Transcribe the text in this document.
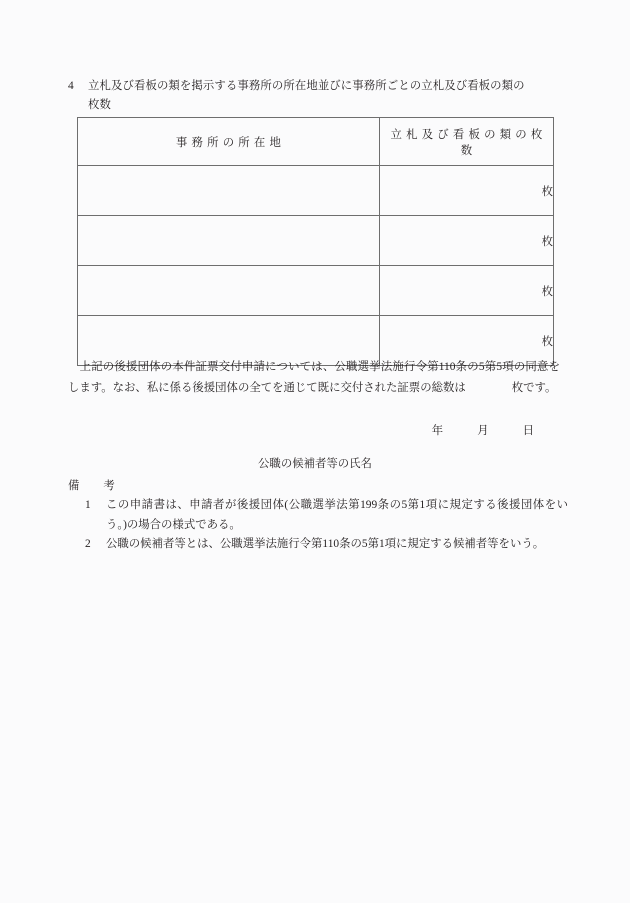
4 立札及び看板の類を掲示する事務所の所在地並びに事務所ごとの立札及び看板の類の
枚数
事務所の所在地	立札及び看板の類の枚数
	枚
	枚
	枚
	枚
　上記の後援団体の本件証票交付申請については、公職選挙法施行令第110条の5第5項の同意をします。なお、私に係る後援団体の全てを通じて既に交付された証票の総数は	枚です。
年	月	日
公職の候補者等の氏名
備 考
1 この申請書は、申請者が後援団体(公職選挙法第199条の5第1項に規定する後援団体をいう。)の場合の様式である。
2 公職の候補者等とは、公職選挙法施行令第110条の5第1項に規定する候補者等をいう。
